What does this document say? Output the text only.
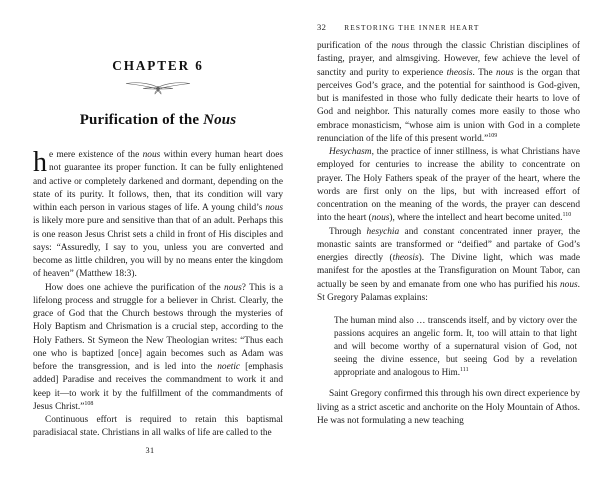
CHAPTER 6
Purification of the Nous

he mere existence of the nous within every human heart does not guarantee its proper function. It can be fully enlightened and active or completely darkened and dormant, depending on the state of its purity. It follows, then, that its condition will vary within each person in various stages of life. A young child’s nous is likely more pure and sensitive than that of an adult. Perhaps this is one reason Jesus Christ sets a child in front of His disciples and says: “Assuredly, I say to you, unless you are converted and become as little children, you will by no means enter the kingdom of heaven” (Matthew 18:3).

How does one achieve the purification of the nous? This is a lifelong process and struggle for a believer in Christ. Clearly, the grace of God that the Church bestows through the mysteries of Holy Baptism and Chrismation is a crucial step, according to the Holy Fathers. St Symeon the New Theologian writes: “Thus each one who is baptized [once] again becomes such as Adam was before the transgression, and is led into the noetic [emphasis added] Paradise and receives the commandment to work it and keep it—to work it by the fulfillment of the commandments of Jesus Christ.”$^{108}$

Continuous effort is required to retain this baptismal paradisiacal state. Christians in all walks of life are called to the

31
32 RESTORING THE INNER HEART

purification of the nous through the classic Christian disciplines of fasting, prayer, and almsgiving. However, few achieve the level of sanctity and purity to experience theosis. The nous is the organ that perceives God’s grace, and the potential for sainthood is God-given, but is manifested in those who fully dedicate their hearts to love of God and neighbor. This naturally comes more easily to those who embrace monasticism, “whose aim is union with God in a complete renunciation of the life of this present world.”$^{109}$

Hesychasm, the practice of inner stillness, is what Christians have employed for centuries to increase the ability to concentrate on prayer. The Holy Fathers speak of the prayer of the heart, where the words are first only on the lips, but with increased effort of concentration on the meaning of the words, the prayer can descend into the heart (nous), where the intellect and heart become united.$^{110}$

Through hesychia and constant concentrated inner prayer, the monastic saints are transformed or “deified” and partake of God’s energies directly (theosis). The Divine light, which was made manifest for the apostles at the Transfiguration on Mount Tabor, can actually be seen by and emanate from one who has purified his nous. St Gregory Palamas explains:

The human mind also … transcends itself, and by victory over the passions acquires an angelic form. It, too will attain to that light and will become worthy of a supernatural vision of God, not seeing the divine essence, but seeing God by a revelation appropriate and analogous to Him.$^{111}$

Saint Gregory confirmed this through his own direct experience by living as a strict ascetic and anchorite on the Holy Mountain of Athos. He was not formulating a new teaching
